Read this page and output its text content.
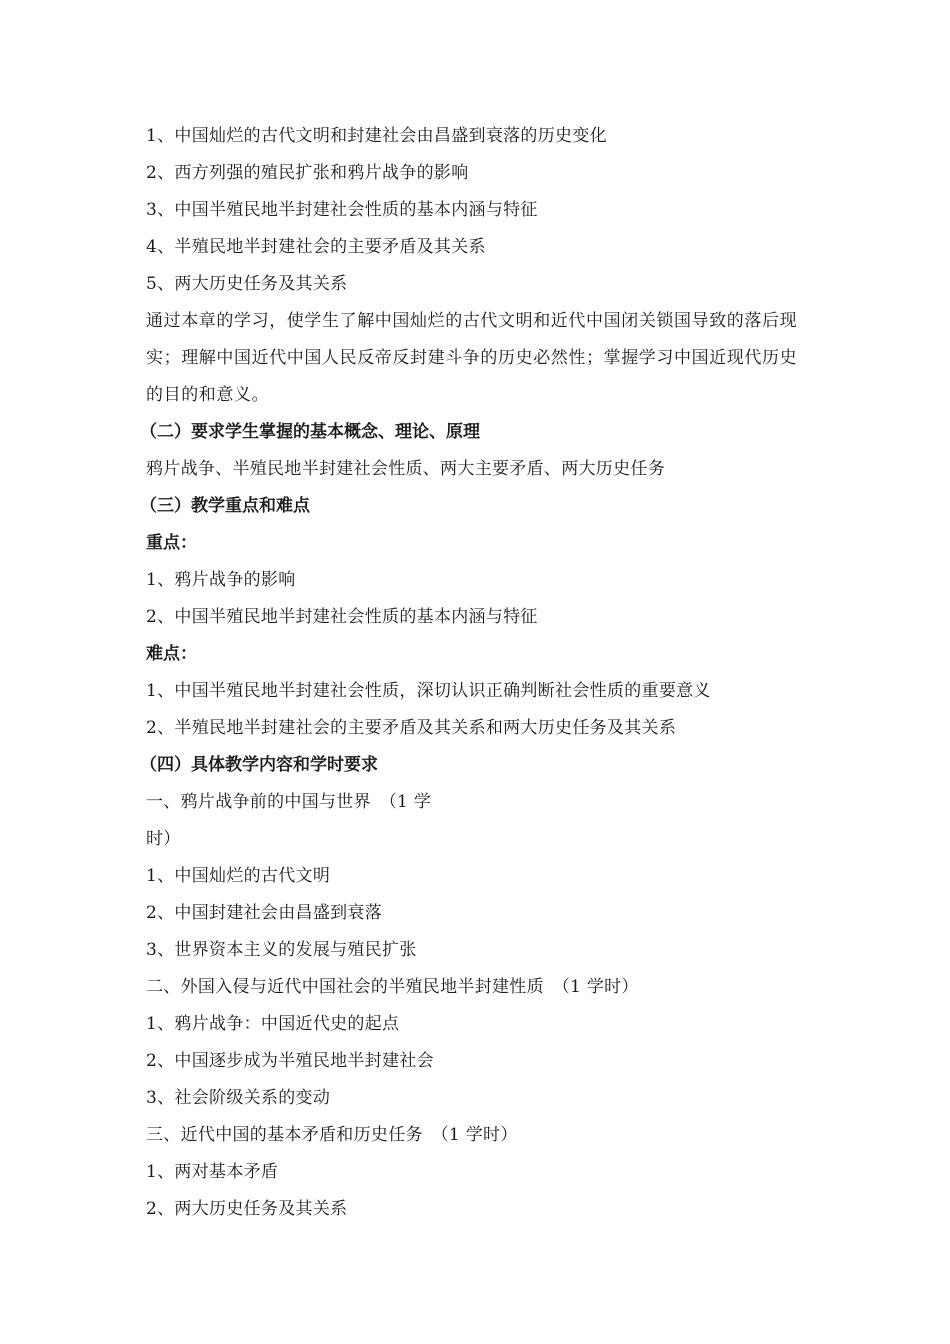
1、中国灿烂的古代文明和封建社会由昌盛到衰落的历史变化
2、西方列强的殖民扩张和鸦片战争的影响
3、中国半殖民地半封建社会性质的基本内涵与特征
4、半殖民地半封建社会的主要矛盾及其关系
5、两大历史任务及其关系
通过本章的学习，使学生了解中国灿烂的古代文明和近代中国闭关锁国导致的落后现实；理解中国近代中国人民反帝反封建斗争的历史必然性；掌握学习中国近现代历史的目的和意义。
（二）要求学生掌握的基本概念、理论、原理
鸦片战争、半殖民地半封建社会性质、两大主要矛盾、两大历史任务
（三）教学重点和难点
重点：
1、鸦片战争的影响
2、中国半殖民地半封建社会性质的基本内涵与特征
难点：
1、中国半殖民地半封建社会性质，深切认识正确判断社会性质的重要意义
2、半殖民地半封建社会的主要矛盾及其关系和两大历史任务及其关系
（四）具体教学内容和学时要求
一、鸦片战争前的中国与世界　（1 学
时）
1、中国灿烂的古代文明
2、中国封建社会由昌盛到衰落
3、世界资本主义的发展与殖民扩张
二、外国入侵与近代中国社会的半殖民地半封建性质　（1 学时）
1、鸦片战争：中国近代史的起点
2、中国逐步成为半殖民地半封建社会
3、社会阶级关系的变动
三、近代中国的基本矛盾和历史任务　（1 学时）
1、两对基本矛盾
2、两大历史任务及其关系
